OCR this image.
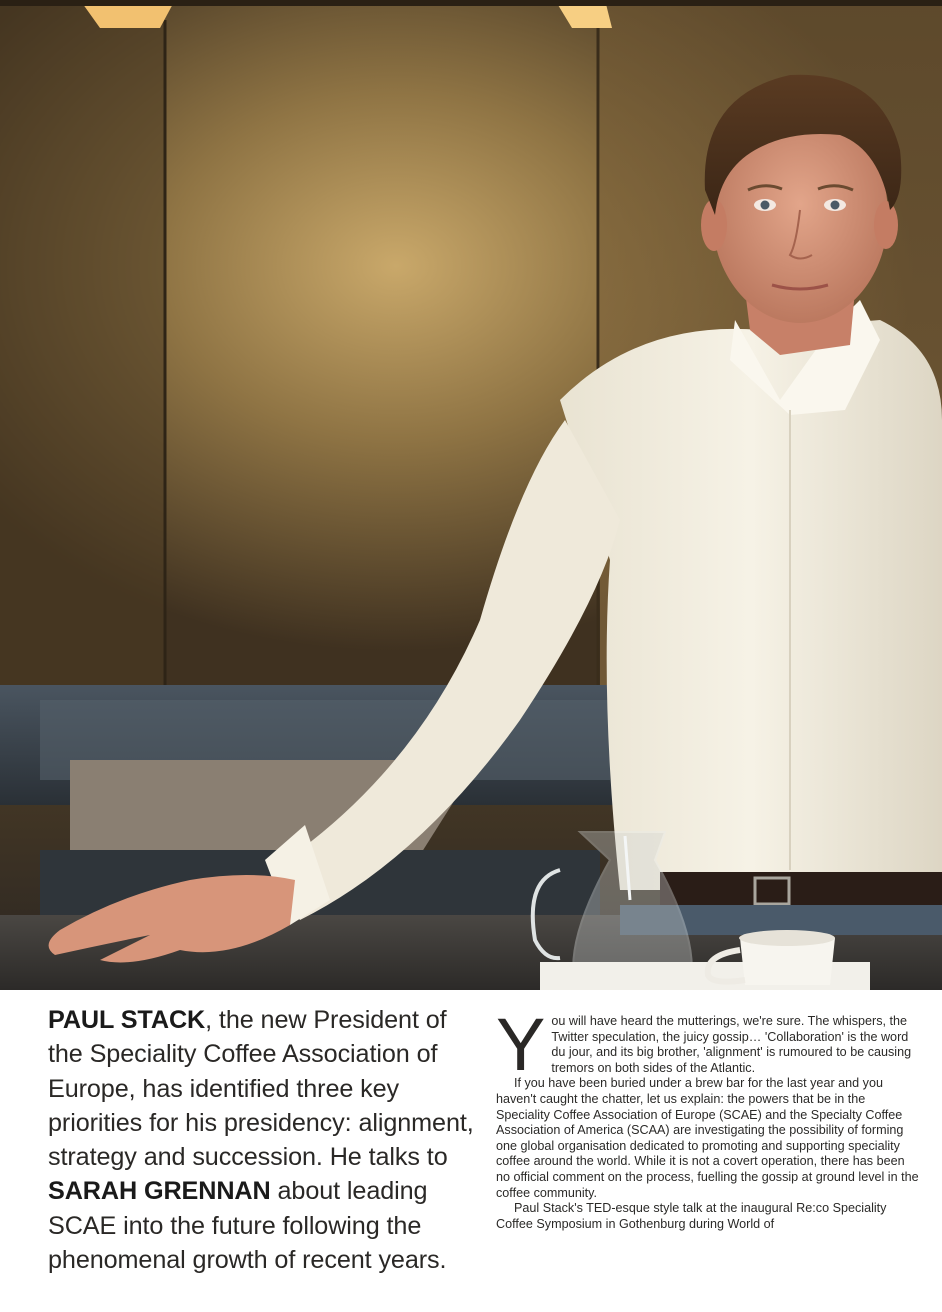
PAUL STACK, the new President of the Speciality Coffee Association of Europe, has identified three key priorities for his presidency: alignment, strategy and succession. He talks to SARAH GRENNAN about leading SCAE into the future following the phenomenal growth of recent years.

You will have heard the mutterings, we're sure. The whispers, the Twitter speculation, the juicy gossip… 'Collaboration' is the word du jour, and its big brother, 'alignment' is rumoured to be causing tremors on both sides of the Atlantic.

If you have been buried under a brew bar for the last year and you haven't caught the chatter, let us explain: the powers that be in the Speciality Coffee Association of Europe (SCAE) and the Specialty Coffee Association of America (SCAA) are investigating the possibility of forming one global organisation dedicated to promoting and supporting speciality coffee around the world. While it is not a covert operation, there has been no official comment on the process, fuelling the gossip at ground level in the coffee community.

Paul Stack's TED-esque style talk at the inaugural Re:co Speciality Coffee Symposium in Gothenburg during World of
